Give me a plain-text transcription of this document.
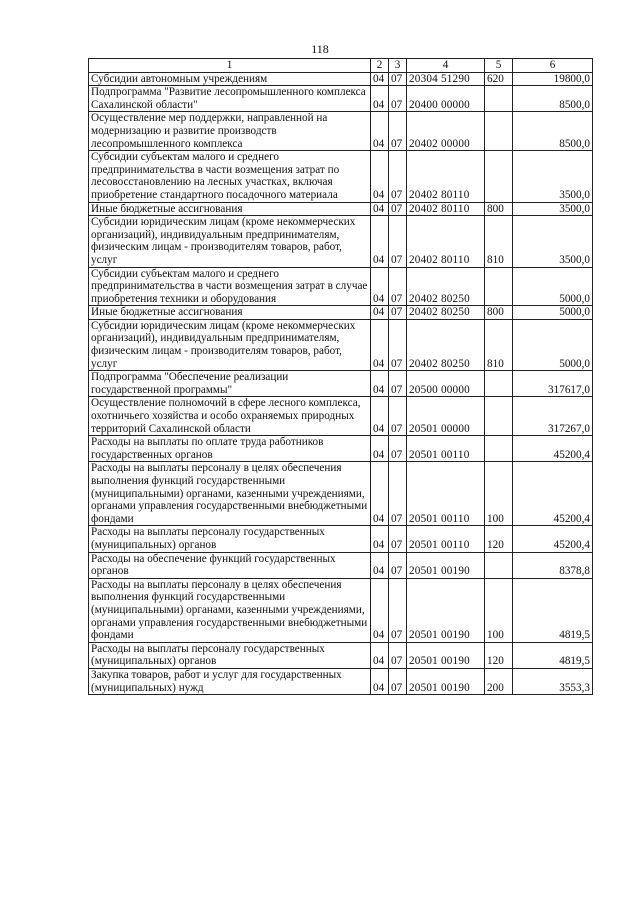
118
1	2	3	4	5	6
Субсидии автономным учреждениям	04	07	20304 51290	620	19800,0
Подпрограмма "Развитие лесопромышленного комплекса Сахалинской области"	04	07	20400 00000		8500,0
Осуществление мер поддержки, направленной на модернизацию и развитие производств лесопромышленного комплекса	04	07	20402 00000		8500,0
Субсидии субъектам малого и среднего предпринимательства в части возмещения затрат по лесовосстановлению на лесных участках, включая приобретение стандартного посадочного материала	04	07	20402 80110		3500,0
Иные бюджетные ассигнования	04	07	20402 80110	800	3500,0
Субсидии юридическим лицам (кроме некоммерческих организаций), индивидуальным предпринимателям, физическим лицам - производителям товаров, работ, услуг	04	07	20402 80110	810	3500,0
Субсидии субъектам малого и среднего предпринимательства в части возмещения затрат в случае приобретения техники и оборудования	04	07	20402 80250		5000,0
Иные бюджетные ассигнования	04	07	20402 80250	800	5000,0
Субсидии юридическим лицам (кроме некоммерческих организаций), индивидуальным предпринимателям, физическим лицам - производителям товаров, работ, услуг	04	07	20402 80250	810	5000,0
Подпрограмма "Обеспечение реализации государственной программы"	04	07	20500 00000		317617,0
Осуществление полномочий в сфере лесного комплекса, охотничьего хозяйства и особо охраняемых природных территорий Сахалинской области	04	07	20501 00000		317267,0
Расходы на выплаты по оплате труда работников государственных органов	04	07	20501 00110		45200,4
Расходы на выплаты персоналу в целях обеспечения выполнения функций государственными (муниципальными) органами, казенными учреждениями, органами управления государственными внебюджетными фондами	04	07	20501 00110	100	45200,4
Расходы на выплаты персоналу государственных (муниципальных) органов	04	07	20501 00110	120	45200,4
Расходы на обеспечение функций государственных органов	04	07	20501 00190		8378,8
Расходы на выплаты персоналу в целях обеспечения выполнения функций государственными (муниципальными) органами, казенными учреждениями, органами управления государственными внебюджетными фондами	04	07	20501 00190	100	4819,5
Расходы на выплаты персоналу государственных (муниципальных) органов	04	07	20501 00190	120	4819,5
Закупка товаров, работ и услуг для государственных (муниципальных) нужд	04	07	20501 00190	200	3553,3
